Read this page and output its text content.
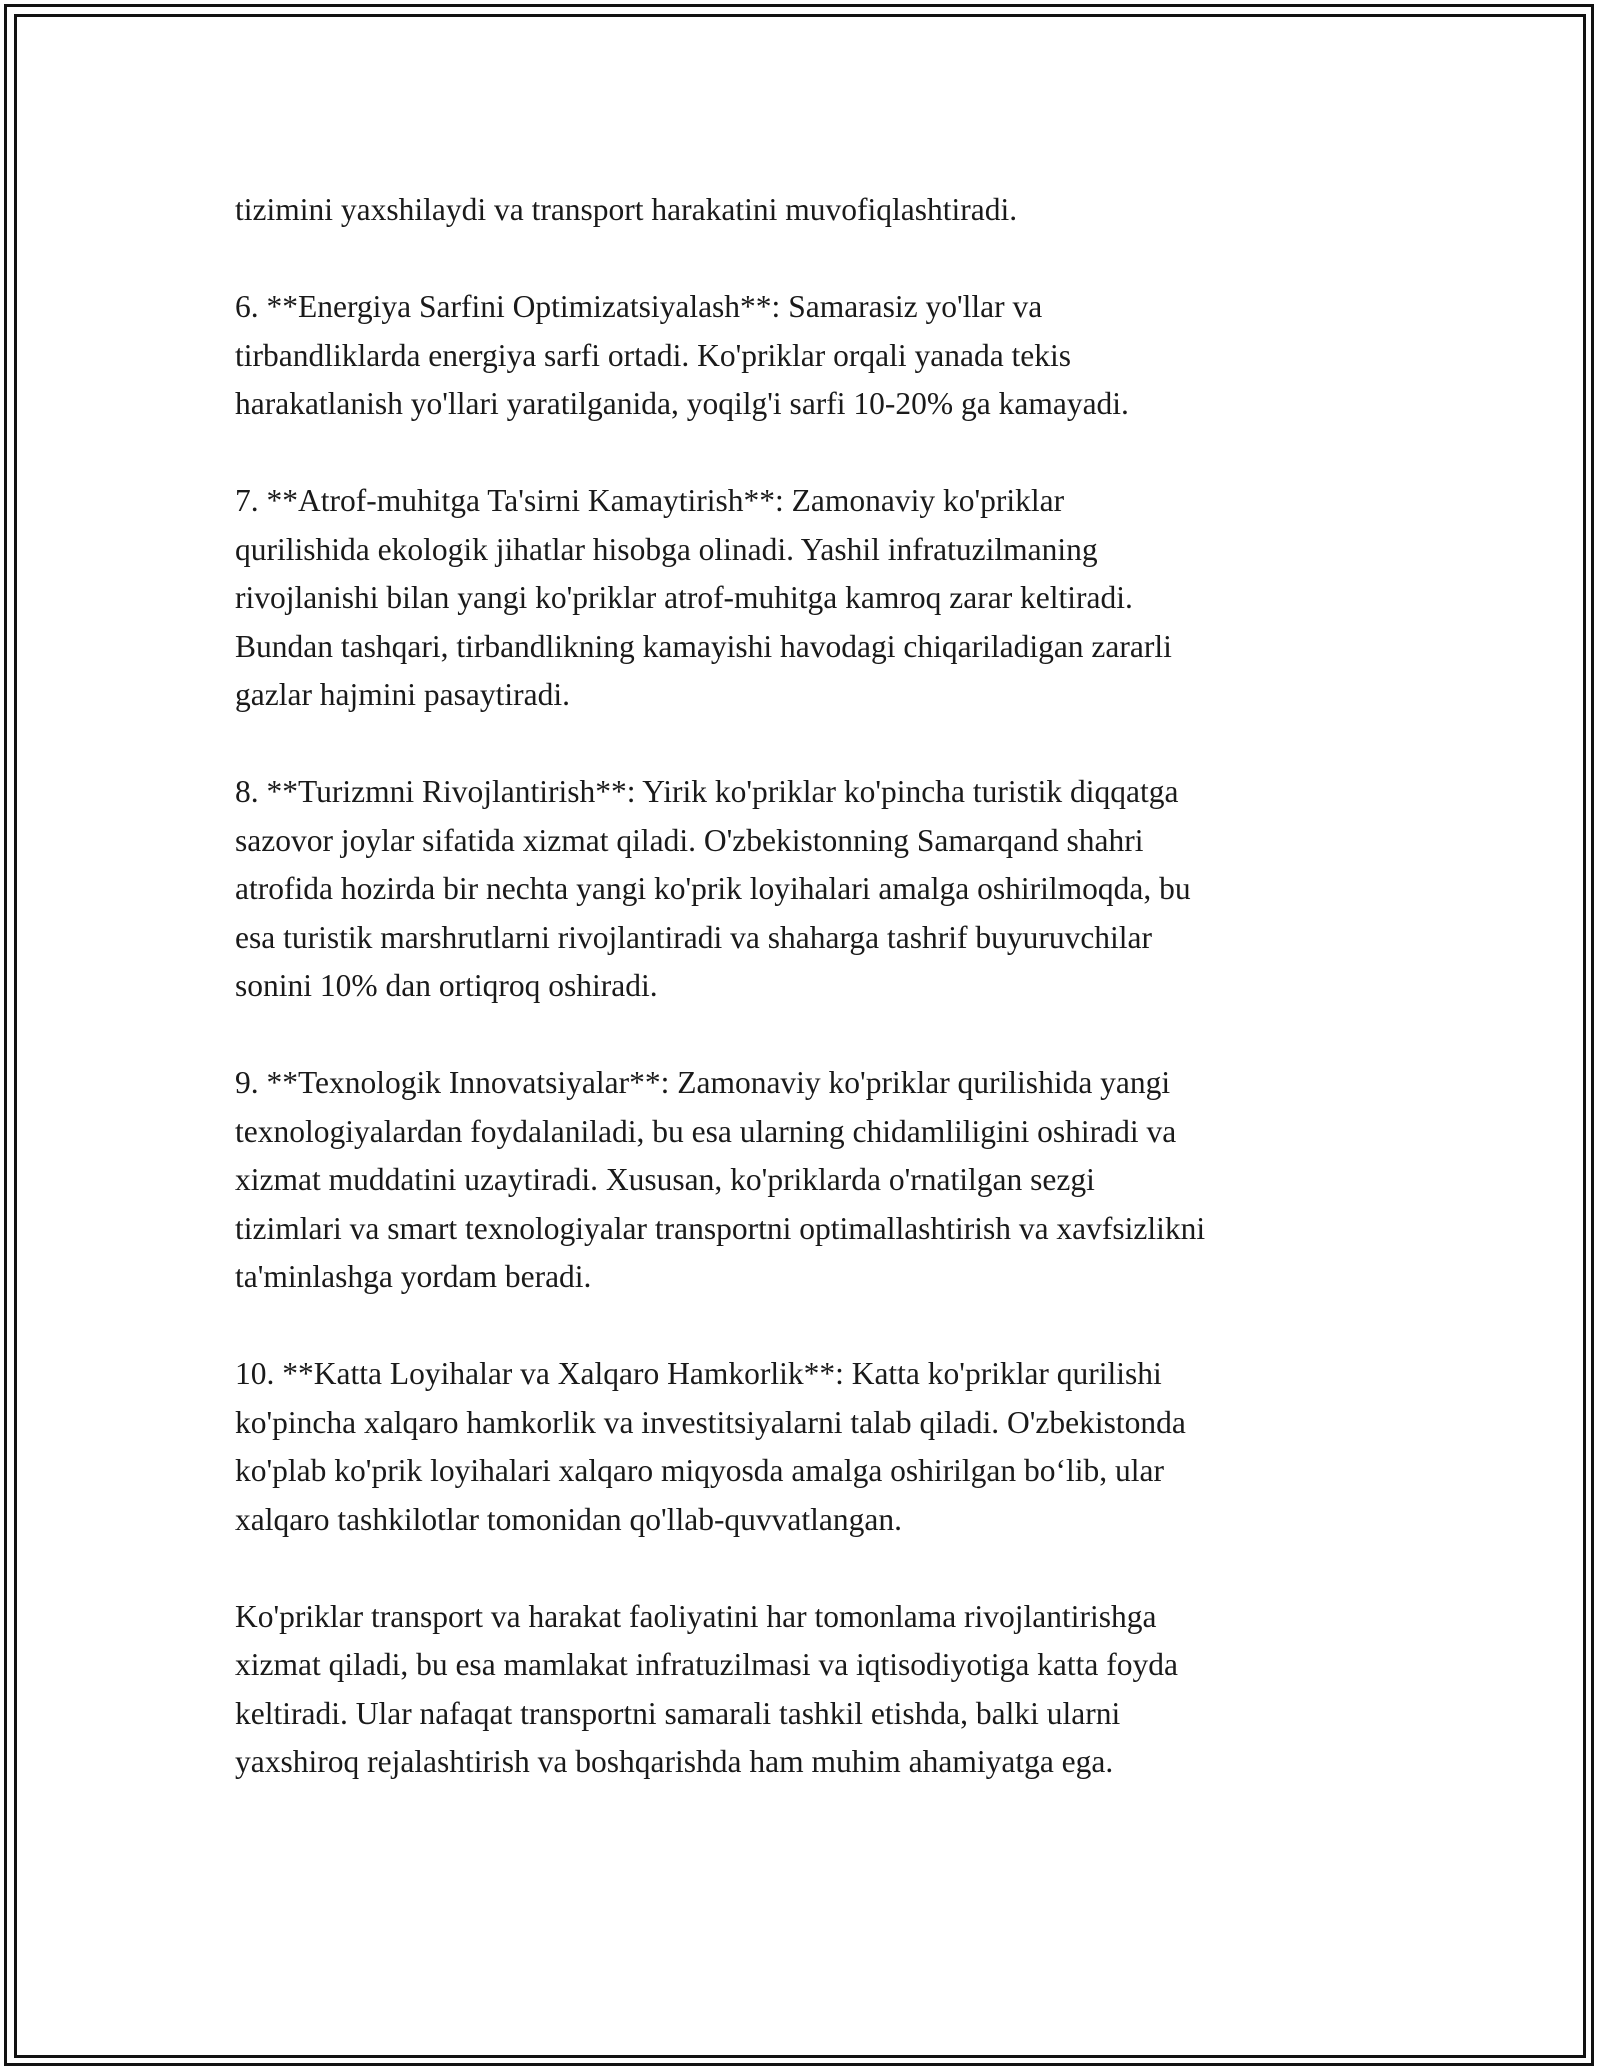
tizimini yaxshilaydi va transport harakatini muvofiqlashtiradi.

6. **Energiya Sarfini Optimizatsiyalash**: Samarasiz yo'llar va
tirbandliklarda energiya sarfi ortadi. Ko'priklar orqali yanada tekis
harakatlanish yo'llari yaratilganida, yoqilg'i sarfi 10-20% ga kamayadi.

7. **Atrof-muhitga Ta'sirni Kamaytirish**: Zamonaviy ko'priklar
qurilishida ekologik jihatlar hisobga olinadi. Yashil infratuzilmaning
rivojlanishi bilan yangi ko'priklar atrof-muhitga kamroq zarar keltiradi.
Bundan tashqari, tirbandlikning kamayishi havodagi chiqariladigan zararli
gazlar hajmini pasaytiradi.

8. **Turizmni Rivojlantirish**: Yirik ko'priklar ko'pincha turistik diqqatga
sazovor joylar sifatida xizmat qiladi. O'zbekistonning Samarqand shahri
atrofida hozirda bir nechta yangi ko'prik loyihalari amalga oshirilmoqda, bu
esa turistik marshrutlarni rivojlantiradi va shaharga tashrif buyuruvchilar
sonini 10% dan ortiqroq oshiradi.

9. **Texnologik Innovatsiyalar**: Zamonaviy ko'priklar qurilishida yangi
texnologiyalardan foydalaniladi, bu esa ularning chidamliligini oshiradi va
xizmat muddatini uzaytiradi. Xususan, ko'priklarda o'rnatilgan sezgi
tizimlari va smart texnologiyalar transportni optimallashtirish va xavfsizlikni
ta'minlashga yordam beradi.

10. **Katta Loyihalar va Xalqaro Hamkorlik**: Katta ko'priklar qurilishi
ko'pincha xalqaro hamkorlik va investitsiyalarni talab qiladi. O'zbekistonda
ko'plab ko'prik loyihalari xalqaro miqyosda amalga oshirilgan bo‘lib, ular
xalqaro tashkilotlar tomonidan qo'llab-quvvatlangan.

Ko'priklar transport va harakat faoliyatini har tomonlama rivojlantirishga
xizmat qiladi, bu esa mamlakat infratuzilmasi va iqtisodiyotiga katta foyda
keltiradi. Ular nafaqat transportni samarali tashkil etishda, balki ularni
yaxshiroq rejalashtirish va boshqarishda ham muhim ahamiyatga ega.
